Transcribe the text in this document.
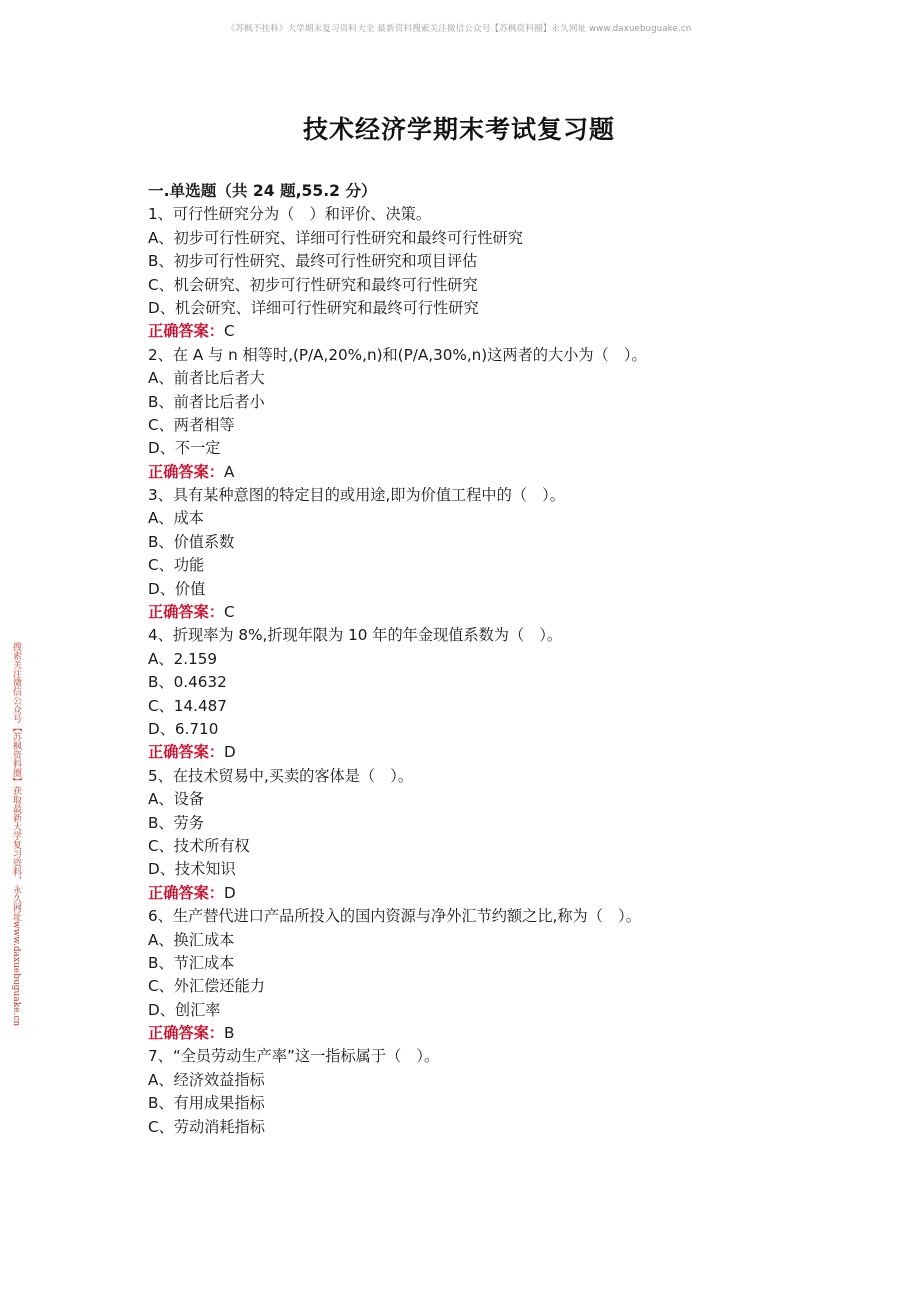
《苏枫不挂科》大学期末复习资料大全 最新资料搜索关注微信公众号【苏枫资料圈】永久网址 www.daxuebuguake.cn
搜索关注微信公众号【苏枫资料圈】获取最新大学复习资料，永久网址www.daxuebuguake.cn
技术经济学期末考试复习题
一.单选题（共 24 题,55.2 分）
1、可行性研究分为（　）和评价、决策。
A、初步可行性研究、详细可行性研究和最终可行性研究
B、初步可行性研究、最终可行性研究和项目评估
C、机会研究、初步可行性研究和最终可行性研究
D、机会研究、详细可行性研究和最终可行性研究
正确答案：C
2、在 A 与 n 相等时,(P/A,20%,n)和(P/A,30%,n)这两者的大小为（　）。
A、前者比后者大
B、前者比后者小
C、两者相等
D、不一定
正确答案：A
3、具有某种意图的特定目的或用途,即为价值工程中的（　）。
A、成本
B、价值系数
C、功能
D、价值
正确答案：C
4、折现率为 8%,折现年限为 10 年的年金现值系数为（　）。
A、2.159
B、0.4632
C、14.487
D、6.710
正确答案：D
5、在技术贸易中,买卖的客体是（　）。
A、设备
B、劳务
C、技术所有权
D、技术知识
正确答案：D
6、生产替代进口产品所投入的国内资源与净外汇节约额之比,称为（　）。
A、换汇成本
B、节汇成本
C、外汇偿还能力
D、创汇率
正确答案：B
7、“全员劳动生产率”这一指标属于（　）。
A、经济效益指标
B、有用成果指标
C、劳动消耗指标
